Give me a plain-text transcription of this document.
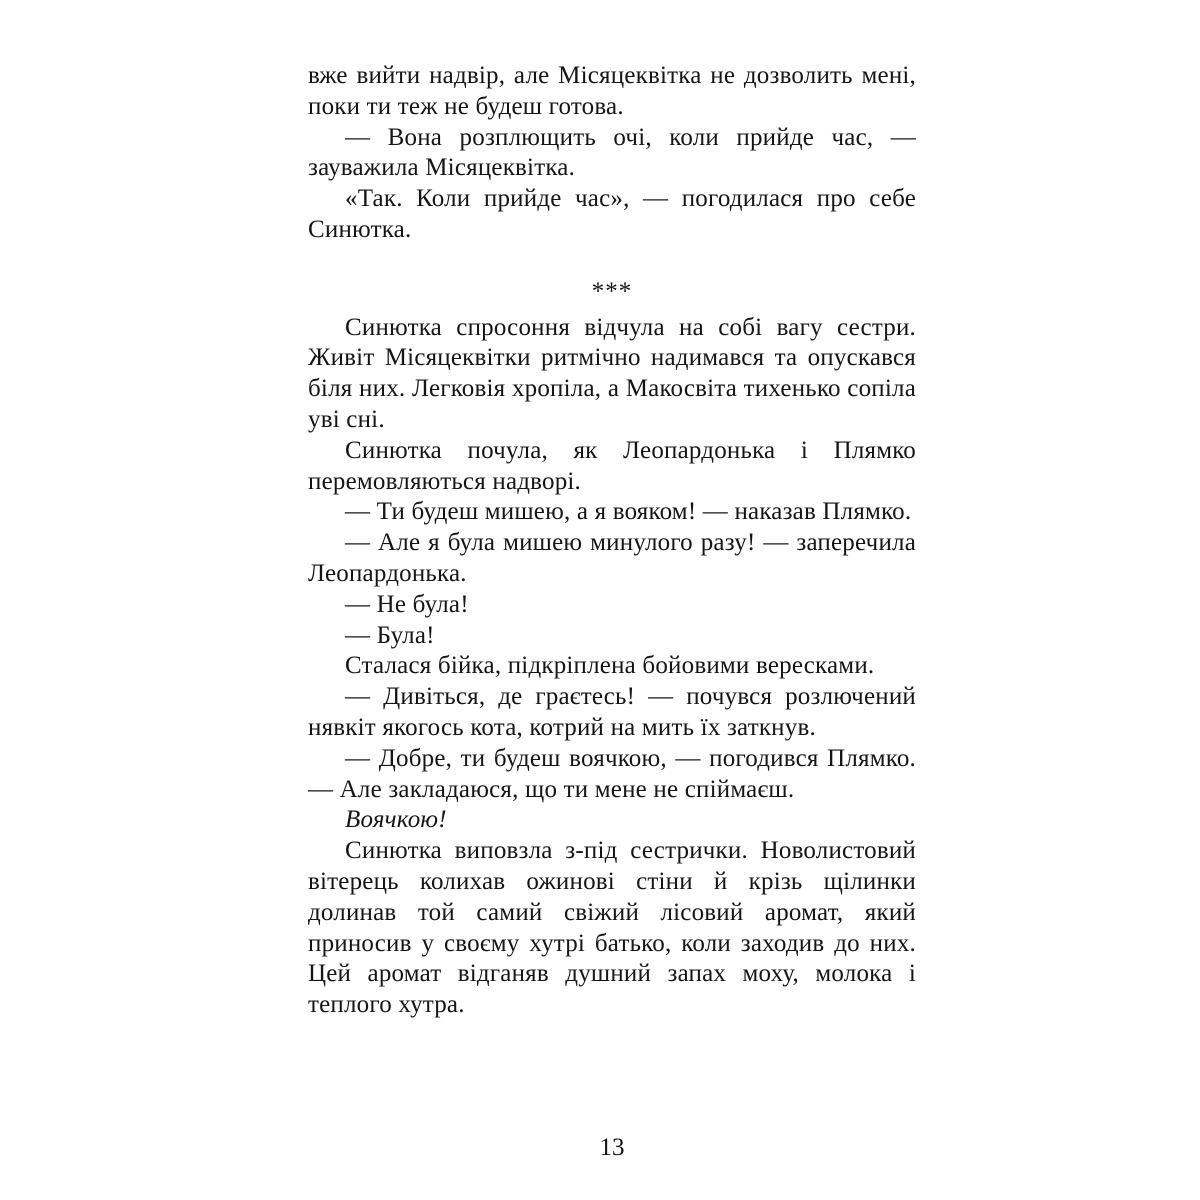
вже вийти надвір, але Місяцеквітка не дозволить мені, поки ти теж не будеш готова.

— Вона розплющить очі, коли прийде час, — зауважила Місяцеквітка.

«Так. Коли прийде час», — погодилася про себе Синютка.

***

Синютка спросоння відчула на собі вагу сестри. Живіт Місяцеквітки ритмічно надимався та опускався біля них. Легковія хропіла, а Макосвіта тихенько сопіла уві сні.

Синютка почула, як Леопардонька і Плямко перемовляються надворі.

— Ти будеш мишею, а я вояком! — наказав Плямко.

— Але я була мишею минулого разу! — заперечила Леопардонька.

— Не була!

— Була!

Сталася бійка, підкріплена бойовими вересками.

— Дивіться, де граєтесь! — почувся розлючений нявкіт якогось кота, котрий на мить їх заткнув.

— Добре, ти будеш воячкою, — погодився Плямко. — Але закладаюся, що ти мене не спіймаєш.

Воячкою!

Синютка виповзла з-під сестрички. Новолистовий вітерець колихав ожинові стіни й крізь щілинки долинав той самий свіжий лісовий аромат, який приносив у своєму хутрі батько, коли заходив до них. Цей аромат відганяв душний запах моху, молока і теплого хутра.

13
